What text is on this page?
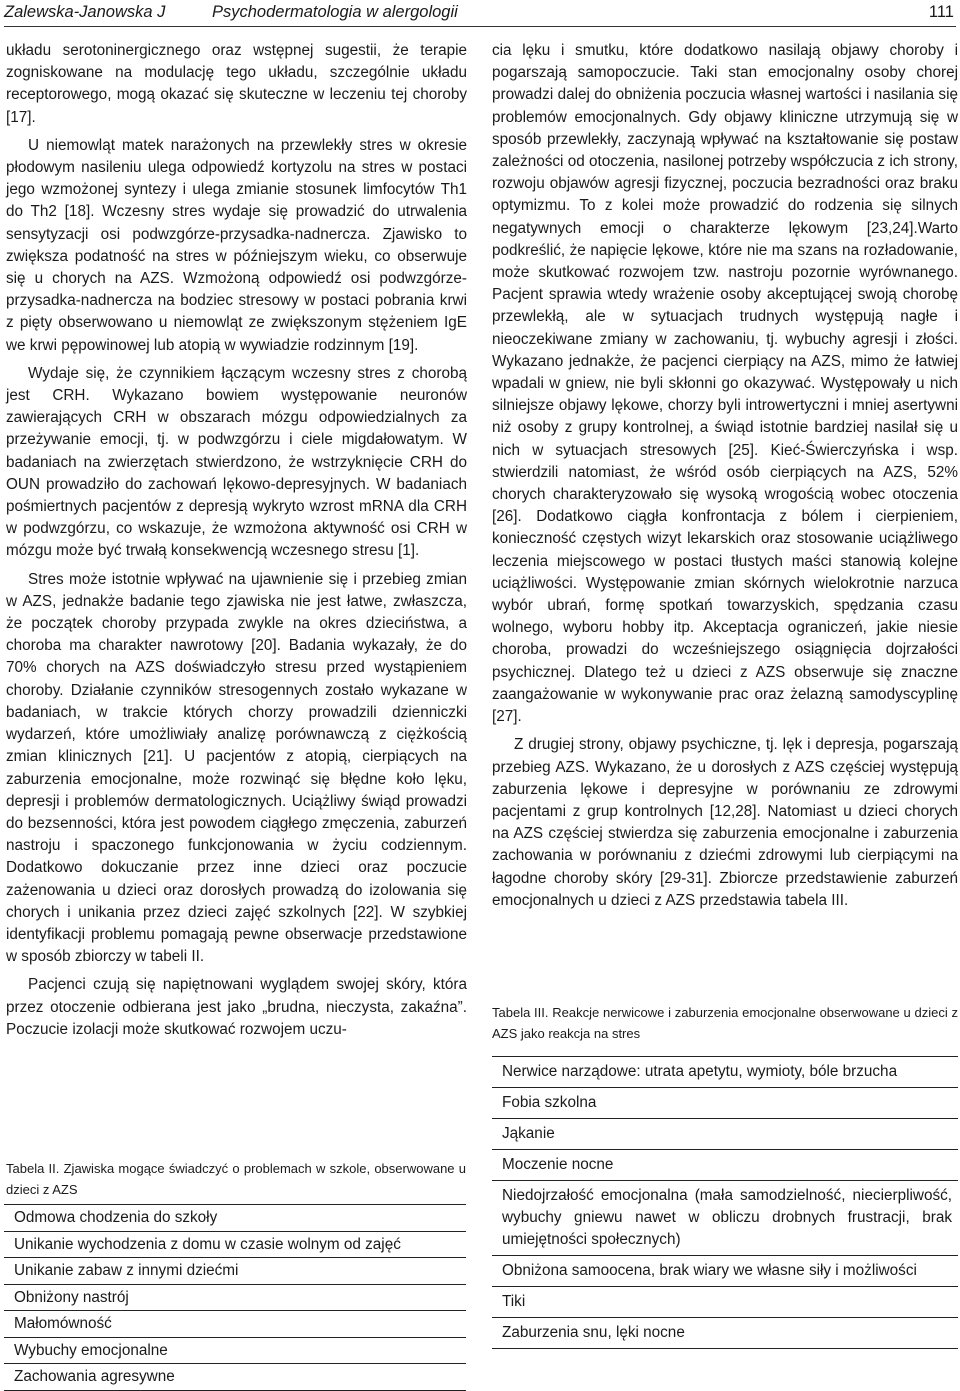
Zalewska-Janowska J	Psychodermatologia w alergologii	111

układu serotoninergicznego oraz wstępnej sugestii, że terapie zogniskowane na modulację tego układu, szczególnie układu receptorowego, mogą okazać się skuteczne w leczeniu tej choroby [17].

U niemowląt matek narażonych na przewlekły stres w okresie płodowym nasileniu ulega odpowiedź kortyzolu na stres w postaci jego wzmożonej syntezy i ulega zmianie stosunek limfocytów Th1 do Th2 [18]. Wczesny stres wydaje się prowadzić do utrwalenia sensytyzacji osi podwzgórze-przysadka-nadnercza. Zjawisko to zwiększa podatność na stres w późniejszym wieku, co obserwuje się u chorych na AZS. Wzmożoną odpowiedź osi podwzgórze-przysadka-nadnercza na bodziec stresowy w postaci pobrania krwi z pięty obserwowano u niemowląt ze zwiększonym stężeniem IgE we krwi pępowinowej lub atopią w wywiadzie rodzinnym [19].

Wydaje się, że czynnikiem łączącym wczesny stres z chorobą jest CRH. Wykazano bowiem występowanie neuronów zawierających CRH w obszarach mózgu odpowiedzialnych za przeżywanie emocji, tj. w podwzgórzu i ciele migdałowatym. W badaniach na zwierzętach stwierdzono, że wstrzyknięcie CRH do OUN prowadziło do zachowań lękowo-depresyjnych. W badaniach pośmiertnych pacjentów z depresją wykryto wzrost mRNA dla CRH w podwzgórzu, co wskazuje, że wzmożona aktywność osi CRH w mózgu może być trwałą konsekwencją wczesnego stresu [1].

Stres może istotnie wpływać na ujawnienie się i przebieg zmian w AZS, jednakże badanie tego zjawiska nie jest łatwe, zwłaszcza, że początek choroby przypada zwykle na okres dzieciństwa, a choroba ma charakter nawrotowy [20]. Badania wykazały, że do 70% chorych na AZS doświadczyło stresu przed wystąpieniem choroby. Działanie czynników stresogennych zostało wykazane w badaniach, w trakcie których chorzy prowadzili dzienniczki wydarzeń, które umożliwiały analizę porównawczą z ciężkością zmian klinicznych [21]. U pacjentów z atopią, cierpiących na zaburzenia emocjonalne, może rozwinąć się błędne koło lęku, depresji i problemów dermatologicznych. Uciążliwy świąd prowadzi do bezsenności, która jest powodem ciągłego zmęczenia, zaburzeń nastroju i spaczonego funkcjonowania w życiu codziennym. Dodatkowo dokuczanie przez inne dzieci oraz poczucie zażenowania u dzieci oraz dorosłych prowadzą do izolowania się chorych i unikania przez dzieci zajęć szkolnych [22]. W szybkiej identyfikacji problemu pomagają pewne obserwacje przedstawione w sposób zbiorczy w tabeli II.

Pacjenci czują się napiętnowani wyglądem swojej skóry, która przez otoczenie odbierana jest jako „brudna, nieczysta, zakaźna”. Poczucie izolacji może skutkować rozwojem uczu-

Tabela II. Zjawiska mogące świadczyć o problemach w szkole, obserwowane u dzieci z AZS
Odmowa chodzenia do szkoły
Unikanie wychodzenia z domu w czasie wolnym od zajęć
Unikanie zabaw z innymi dziećmi
Obniżony nastrój
Małomówność
Wybuchy emocjonalne
Zachowania agresywne

cia lęku i smutku, które dodatkowo nasilają objawy choroby i pogarszają samopoczucie. Taki stan emocjonalny osoby chorej prowadzi dalej do obniżenia poczucia własnej wartości i nasilania się problemów emocjonalnych. Gdy objawy kliniczne utrzymują się w sposób przewlekły, zaczynają wpływać na kształtowanie się postaw zależności od otoczenia, nasilonej potrzeby współczucia z ich strony, rozwoju objawów agresji fizycznej, poczucia bezradności oraz braku optymizmu. To z kolei może prowadzić do rodzenia się silnych negatywnych emocji o charakterze lękowym [23,24].Warto podkreślić, że napięcie lękowe, które nie ma szans na rozładowanie, może skutkować rozwojem tzw. nastroju pozornie wyrównanego. Pacjent sprawia wtedy wrażenie osoby akceptującej swoją chorobę przewlekłą, ale w sytuacjach trudnych występują nagłe i nieoczekiwane zmiany w zachowaniu, tj. wybuchy agresji i złości. Wykazano jednakże, że pacjenci cierpiący na AZS, mimo że łatwiej wpadali w gniew, nie byli skłonni go okazywać. Występowały u nich silniejsze objawy lękowe, chorzy byli introwertyczni i mniej asertywni niż osoby z grupy kontrolnej, a świąd istotnie bardziej nasilał się u nich w sytuacjach stresowych [25]. Kieć-Świerczyńska i wsp. stwierdzili natomiast, że wśród osób cierpiących na AZS, 52% chorych charakteryzowało się wysoką wrogością wobec otoczenia [26]. Dodatkowo ciągła konfrontacja z bólem i cierpieniem, konieczność częstych wizyt lekarskich oraz stosowanie uciążliwego leczenia miejscowego w postaci tłustych maści stanowią kolejne uciążliwości. Występowanie zmian skórnych wielokrotnie narzuca wybór ubrań, formę spotkań towarzyskich, spędzania czasu wolnego, wyboru hobby itp. Akceptacja ograniczeń, jakie niesie choroba, prowadzi do wcześniejszego osiągnięcia dojrzałości psychicznej. Dlatego też u dzieci z AZS obserwuje się znaczne zaangażowanie w wykonywanie prac oraz żelazną samodyscyplinę [27].

Z drugiej strony, objawy psychiczne, tj. lęk i depresja, pogarszają przebieg AZS. Wykazano, że u dorosłych z AZS częściej występują zaburzenia lękowe i depresyjne w porównaniu ze zdrowymi pacjentami z grup kontrolnych [12,28]. Natomiast u dzieci chorych na AZS częściej stwierdza się zaburzenia emocjonalne i zaburzenia zachowania w porównaniu z dziećmi zdrowymi lub cierpiącymi na łagodne choroby skóry [29-31]. Zbiorcze przedstawienie zaburzeń emocjonalnych u dzieci z AZS przedstawia tabela III.

Tabela III. Reakcje nerwicowe i zaburzenia emocjonalne obserwowane u dzieci z AZS jako reakcja na stres
Nerwice narządowe: utrata apetytu, wymioty, bóle brzucha
Fobia szkolna
Jąkanie
Moczenie nocne
Niedojrzałość emocjonalna (mała samodzielność, niecierpliwość, wybuchy gniewu nawet w obliczu drobnych frustracji, brak umiejętności społecznych)
Obniżona samoocena, brak wiary we własne siły i możliwości
Tiki
Zaburzenia snu, lęki nocne
